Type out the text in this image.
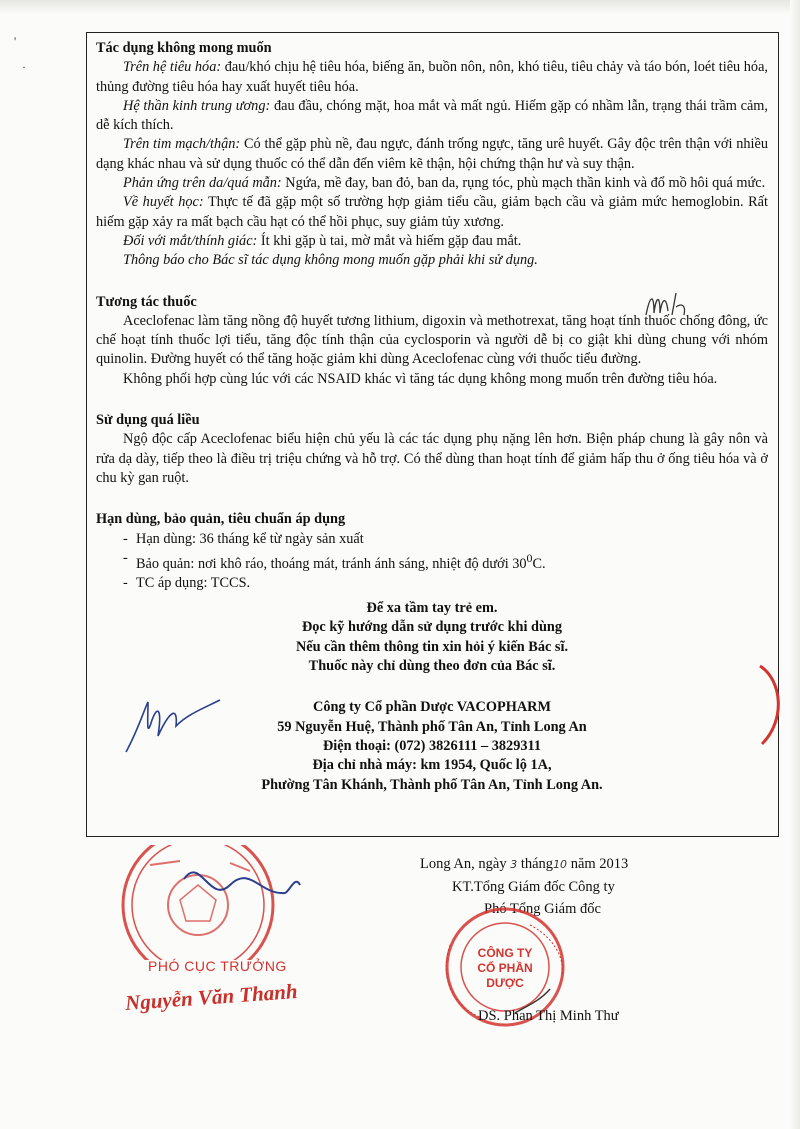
'
·

Tác dụng không mong muốn

Trên hệ tiêu hóa: đau/khó chịu hệ tiêu hóa, biếng ăn, buồn nôn, nôn, khó tiêu, tiêu chảy và táo bón, loét tiêu hóa, thủng đường tiêu hóa hay xuất huyết tiêu hóa.

Hệ thần kinh trung ương: đau đầu, chóng mặt, hoa mắt và mất ngủ. Hiếm gặp có nhầm lẫn, trạng thái trầm cảm, dễ kích thích.

Trên tim mạch/thận: Có thể gặp phù nề, đau ngực, đánh trống ngực, tăng urê huyết. Gây độc trên thận với nhiều dạng khác nhau và sử dụng thuốc có thể dẫn đến viêm kẽ thận, hội chứng thận hư và suy thận.

Phản ứng trên da/quá mẫn: Ngứa, mề đay, ban đỏ, ban da, rụng tóc, phù mạch thần kinh và đổ mồ hôi quá mức.

Về huyết học: Thực tế đã gặp một số trường hợp giảm tiểu cầu, giảm bạch cầu và giảm mức hemoglobin. Rất hiếm gặp xảy ra mất bạch cầu hạt có thể hồi phục, suy giảm tủy xương.

Đối với mắt/thính giác: Ít khi gặp ù tai, mờ mắt và hiếm gặp đau mắt.

Thông báo cho Bác sĩ tác dụng không mong muốn gặp phải khi sử dụng.

Tương tác thuốc

Aceclofenac làm tăng nồng độ huyết tương lithium, digoxin và methotrexat, tăng hoạt tính thuốc chống đông, ức chế hoạt tính thuốc lợi tiểu, tăng độc tính thận của cyclosporin và người dễ bị co giật khi dùng chung với nhóm quinolin. Đường huyết có thể tăng hoặc giảm khi dùng Aceclofenac cùng với thuốc tiểu đường.

Không phối hợp cùng lúc với các NSAID khác vì tăng tác dụng không mong muốn trên đường tiêu hóa.

Sử dụng quá liều

Ngộ độc cấp Aceclofenac biểu hiện chủ yếu là các tác dụng phụ nặng lên hơn. Biện pháp chung là gây nôn và rửa dạ dày, tiếp theo là điều trị triệu chứng và hỗ trợ. Có thể dùng than hoạt tính để giảm hấp thu ở ống tiêu hóa và ở chu kỳ gan ruột.

Hạn dùng, bảo quản, tiêu chuẩn áp dụng

- Hạn dùng: 36 tháng kể từ ngày sản xuất
- Bảo quản: nơi khô ráo, thoáng mát, tránh ánh sáng, nhiệt độ dưới $30^0C$.
- TC áp dụng: TCCS.

Để xa tầm tay trẻ em.

Đọc kỹ hướng dẫn sử dụng trước khi dùng

Nếu cần thêm thông tin xin hỏi ý kiến Bác sĩ.

Thuốc này chỉ dùng theo đơn của Bác sĩ.

Công ty Cổ phần Dược VACOPHARM

59 Nguyễn Huệ, Thành phố Tân An, Tỉnh Long An

Điện thoại: (072) 3826111 – 3829311

Địa chỉ nhà máy: km 1954, Quốc lộ 1A,

Phường Tân Khánh, Thành phố Tân An, Tỉnh Long An.

PHÓ CỤC TRƯỞNG
Nguyễn Văn Thanh

Long An, ngày 3 tháng10 năm 2013

KT.Tổng Giám đốc Công ty

Phó Tổng Giám đốc

CÔNG TY
CỔ PHẦN
DƯỢC
DS. Phan Thị Minh Thư
